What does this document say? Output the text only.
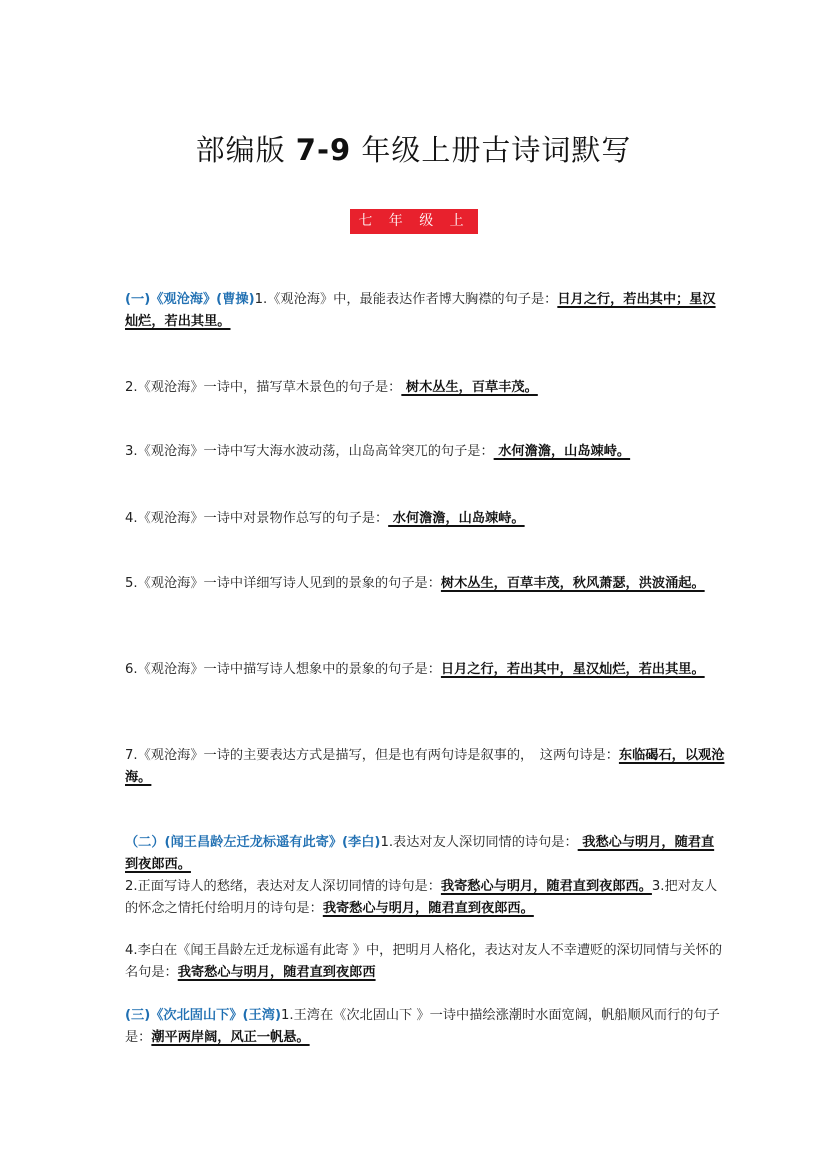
部编版 7-9 年级上册古诗词默写
七 年 级 上 册
(一)《观沧海》(曹操)1.《观沧海》中，最能表达作者博大胸襟的句子是：日月之行，若出其中；星汉灿烂，若出其里。
2.《观沧海》一诗中，描写草木景色的句子是： 树木丛生，百草丰茂。
3.《观沧海》一诗中写大海水波动荡，山岛高耸突兀的句子是： 水何澹澹，山岛竦峙。
4.《观沧海》一诗中对景物作总写的句子是： 水何澹澹，山岛竦峙。
5.《观沧海》一诗中详细写诗人见到的景象的句子是：树木丛生，百草丰茂，秋风萧瑟，洪波涌起。
6.《观沧海》一诗中描写诗人想象中的景象的句子是：日月之行，若出其中，星汉灿烂，若出其里。
7.《观沧海》一诗的主要表达方式是描写，但是也有两句诗是叙事的，　这两句诗是：东临碣石，以观沧海。
（二）(闻王昌龄左迁龙标遥有此寄》(李白)1.表达对友人深切同情的诗句是： 我愁心与明月，随君直到夜郎西。
2.正面写诗人的愁绪，表达对友人深切同情的诗句是：我寄愁心与明月，随君直到夜郎西。3.把对友人的怀念之情托付给明月的诗句是：我寄愁心与明月，随君直到夜郎西。
4.李白在《闻王昌龄左迁龙标遥有此寄 》中，把明月人格化，表达对友人不幸遭贬的深切同情与关怀的名句是：我寄愁心与明月，随君直到夜郎西
(三)《次北固山下》(王湾)1.王湾在《次北固山下 》一诗中描绘涨潮时水面宽阔，帆船顺风而行的句子是：潮平两岸阔，风正一帆悬。
